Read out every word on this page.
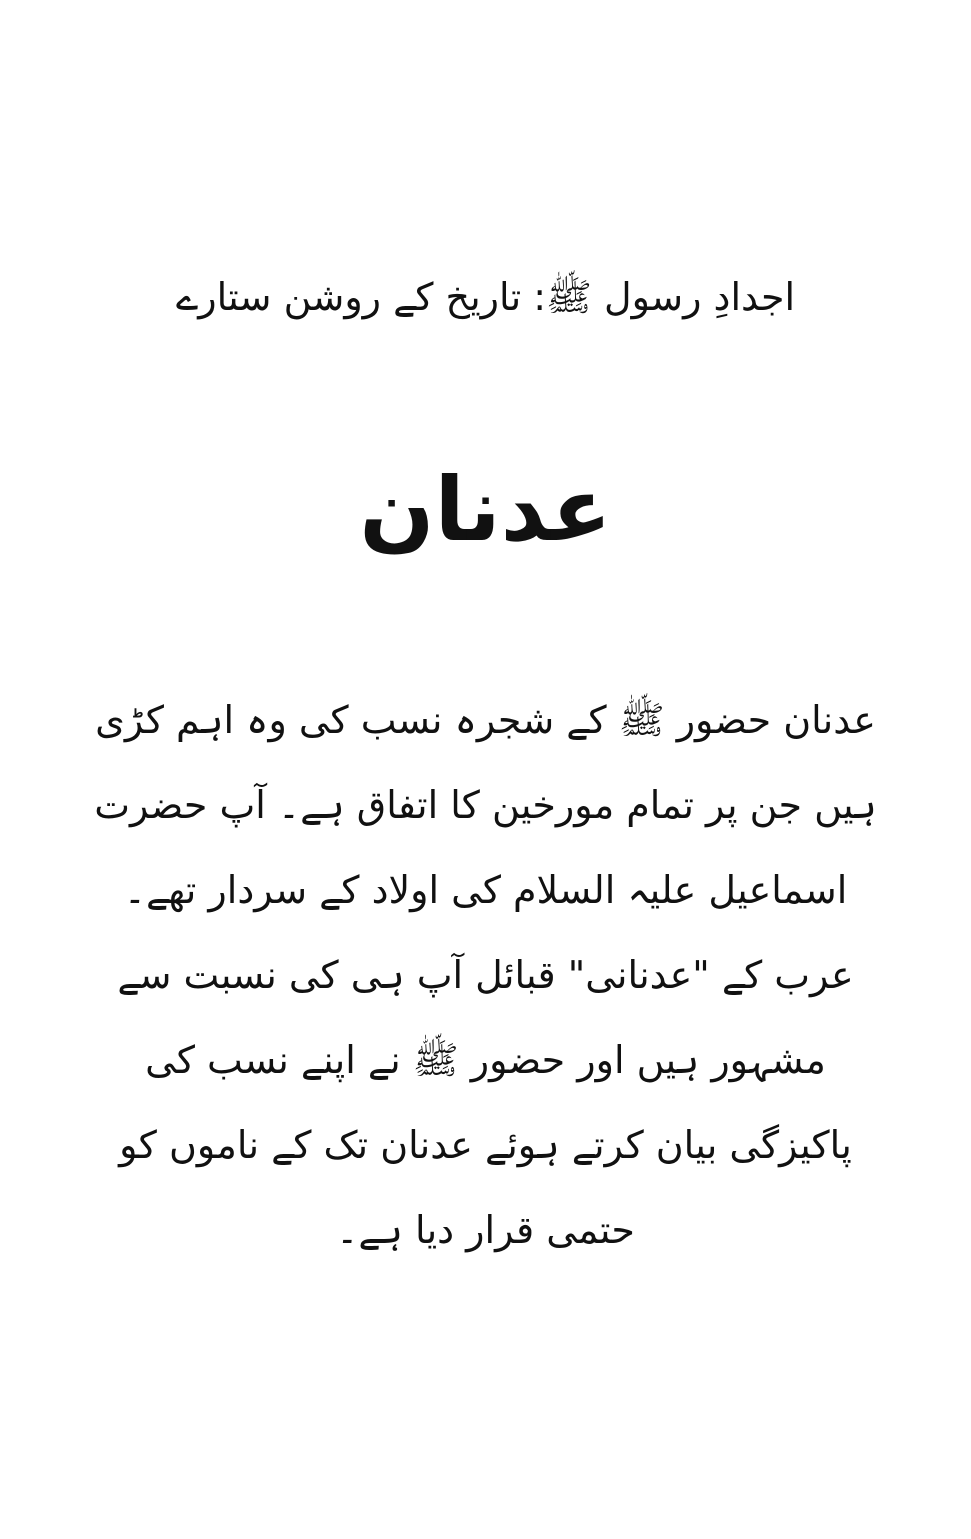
اجدادِ رسول ﷺ: تاریخ کے روشن ستارے
عدنان

عدنان حضور ﷺ کے شجرہ نسب کی وہ اہم کڑی
ہیں جن پر تمام مورخین کا اتفاق ہے۔ آپ حضرت
اسماعیل علیہ السلام کی اولاد کے سردار تھے۔
عرب کے "عدنانی" قبائل آپ ہی کی نسبت سے
مشہور ہیں اور حضور ﷺ نے اپنے نسب کی
پاکیزگی بیان کرتے ہوئے عدنان تک کے ناموں کو
حتمی قرار دیا ہے۔
